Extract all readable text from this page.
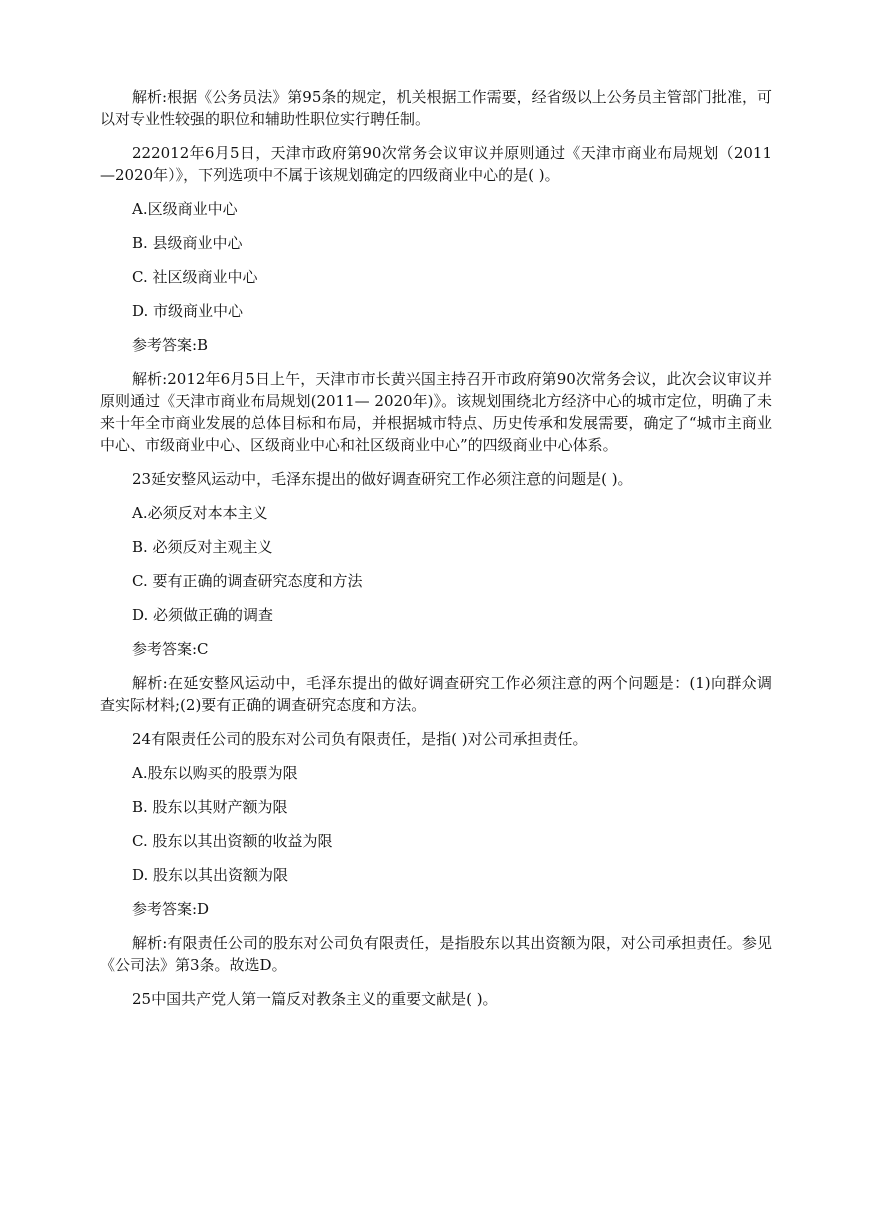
解析:根据《公务员法》第95条的规定，机关根据工作需要，经省级以上公务员主管部门批准，可以对专业性较强的职位和辅助性职位实行聘任制。

222012年6月5日，天津市政府第90次常务会议审议并原则通过《天津市商业布局规划（2011—2020年）》，下列选项中不属于该规划确定的四级商业中心的是( )。

A.区级商业中心

B. 县级商业中心

C. 社区级商业中心

D. 市级商业中心

参考答案:B

解析:2012年6月5日上午，天津市市长黄兴国主持召开市政府第90次常务会议，此次会议审议并原则通过《天津市商业布局规划(2011— 2020年)》。该规划围绕北方经济中心的城市定位，明确了未来十年全市商业发展的总体目标和布局，并根据城市特点、历史传承和发展需要，确定了“城市主商业中心、市级商业中心、区级商业中心和社区级商业中心”的四级商业中心体系。

23延安整风运动中，毛泽东提出的做好调查研究工作必须注意的问题是( )。

A.必须反对本本主义

B. 必须反对主观主义

C. 要有正确的调查研究态度和方法

D. 必须做正确的调查

参考答案:C

解析:在延安整风运动中，毛泽东提出的做好调查研究工作必须注意的两个问题是：(1)向群众调查实际材料;(2)要有正确的调查研究态度和方法。

24有限责任公司的股东对公司负有限责任，是指( )对公司承担责任。

A.股东以购买的股票为限

B. 股东以其财产额为限

C. 股东以其出资额的收益为限

D. 股东以其出资额为限

参考答案:D

解析:有限责任公司的股东对公司负有限责任，是指股东以其出资额为限，对公司承担责任。参见《公司法》第3条。故选D。

25中国共产党人第一篇反对教条主义的重要文献是( )。
